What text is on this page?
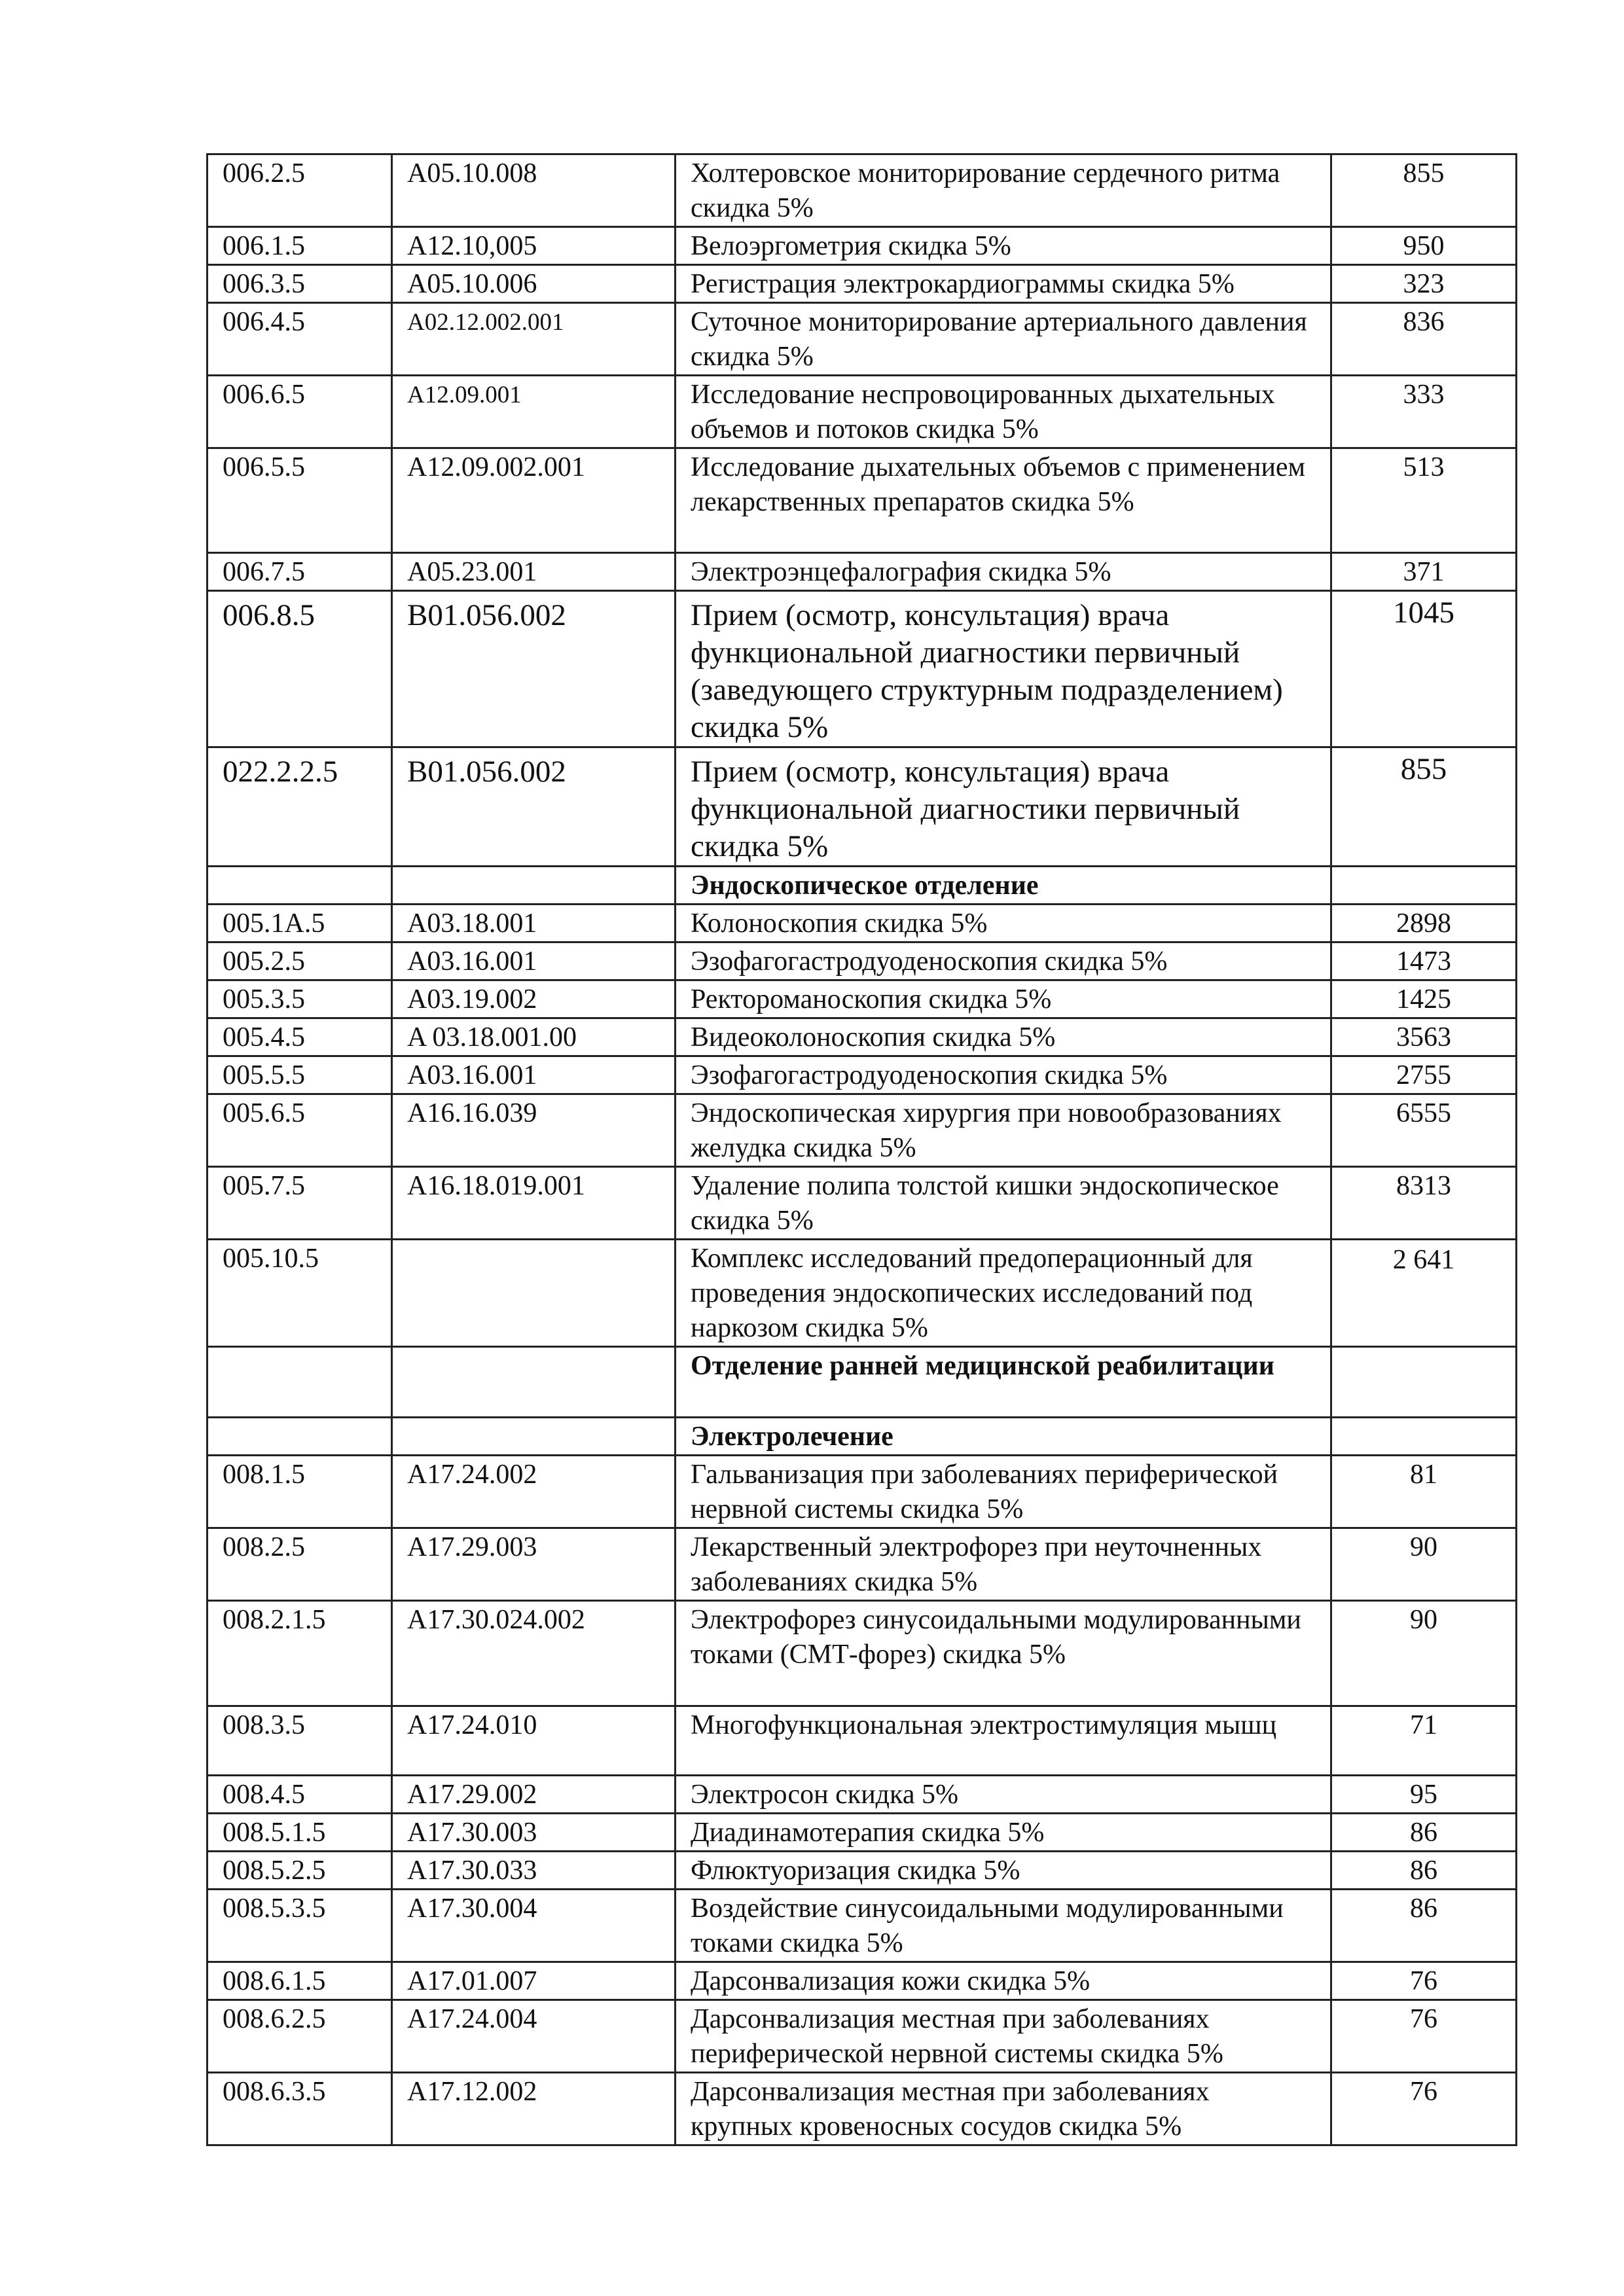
006.2.5	A05.10.008	Холтеровское мониторирование сердечного ритма скидка 5%	855
006.1.5	A12.10,005	Велоэргометрия скидка 5%	950
006.3.5	A05.10.006	Регистрация электрокардиограммы скидка 5%	323
006.4.5	A02.12.002.001	Суточное мониторирование артериального давления скидка 5%	836
006.6.5	A12.09.001	Исследование неспровоцированных дыхательных объемов и потоков скидка 5%	333
006.5.5	A12.09.002.001	Исследование дыхательных объемов с применением лекарственных препаратов скидка 5%	513
006.7.5	A05.23.001	Электроэнцефалография скидка 5%	371
006.8.5	B01.056.002	Прием (осмотр, консультация) врача функциональной диагностики первичный (заведующего структурным подразделением) скидка 5%	1045
022.2.2.5	B01.056.002	Прием (осмотр, консультация) врача функциональной диагностики первичный скидка 5%	855
		Эндоскопическое отделение	
005.1А.5	A03.18.001	Колоноскопия скидка 5%	2898
005.2.5	A03.16.001	Эзофагогастродуоденоскопия скидка 5%	1473
005.3.5	A03.19.002	Ректороманоскопия скидка 5%	1425
005.4.5	A 03.18.001.00	Видеоколоноскопия скидка 5%	3563
005.5.5	A03.16.001	Эзофагогастродуоденоскопия скидка 5%	2755
005.6.5	A16.16.039	Эндоскопическая хирургия при новообразованиях желудка скидка 5%	6555
005.7.5	A16.18.019.001	Удаление полипа толстой кишки эндоскопическое скидка 5%	8313
005.10.5		Комплекс исследований предоперационный для проведения эндоскопических исследований под наркозом скидка 5%	2 641
		Отделение ранней медицинской реабилитации	
		Электролечение	
008.1.5	A17.24.002	Гальванизация при заболеваниях периферической нервной системы скидка 5%	81
008.2.5	A17.29.003	Лекарственный электрофорез при неуточненных заболеваниях скидка 5%	90
008.2.1.5	A17.30.024.002	Электрофорез синусоидальными модулированными токами (СМТ-форез) скидка 5%	90
008.3.5	A17.24.010	Многофункциональная электростимуляция мышц	71
008.4.5	A17.29.002	Электросон скидка 5%	95
008.5.1.5	A17.30.003	Диадинамотерапия скидка 5%	86
008.5.2.5	A17.30.033	Флюктуоризация скидка 5%	86
008.5.3.5	A17.30.004	Воздействие синусоидальными модулированными токами скидка 5%	86
008.6.1.5	A17.01.007	Дарсонвализация кожи скидка 5%	76
008.6.2.5	A17.24.004	Дарсонвализация местная при заболеваниях периферической нервной системы скидка 5%	76
008.6.3.5	A17.12.002	Дарсонвализация местная при заболеваниях крупных кровеносных сосудов скидка 5%	76
